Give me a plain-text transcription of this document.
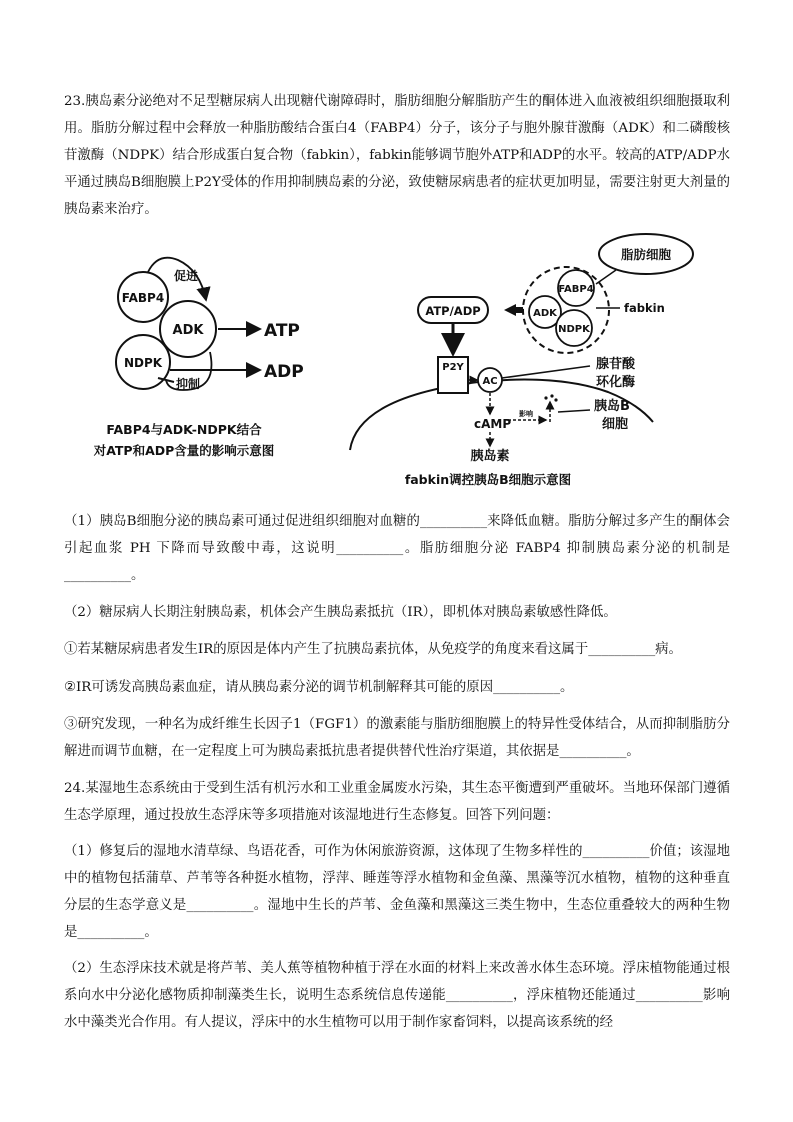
23.胰岛素分泌绝对不足型糖尿病人出现糖代谢障碍时，脂肪细胞分解脂肪产生的酮体进入血液被组织细胞摄取利用。脂肪分解过程中会释放一种脂肪酸结合蛋白4（FABP4）分子，该分子与胞外腺苷激酶（ADK）和二磷酸核苷激酶（NDPK）结合形成蛋白复合物（fabkin），fabkin能够调节胞外ATP和ADP的水平。较高的ATP/ADP水平通过胰岛B细胞膜上P2Y受体的作用抑制胰岛素的分泌，致使糖尿病患者的症状更加明显，需要注射更大剂量的胰岛素来治疗。

FABP4
ADK
NDPK
促进
ATP
ADP
抑制
FABP4与ADK-NDPK结合
对ATP和ADP含量的影响示意图
脂肪细胞
FABP4
ADK
NDPK
fabkin
ATP/ADP
P2Y
AC
腺苷酸
环化酶
cAMP
影响	胰岛B
细胞
胰岛素
fabkin调控胰岛B细胞示意图

（1）胰岛B细胞分泌的胰岛素可通过促进组织细胞对血糖的__________来降低血糖。脂肪分解过多产生的酮体会引起血浆 PH 下降而导致酸中毒，这说明__________。脂肪细胞分泌 FABP4 抑制胰岛素分泌的机制是__________。

（2）糖尿病人长期注射胰岛素，机体会产生胰岛素抵抗（IR），即机体对胰岛素敏感性降低。

①若某糖尿病患者发生IR的原因是体内产生了抗胰岛素抗体，从免疫学的角度来看这属于__________病。

②IR可诱发高胰岛素血症，请从胰岛素分泌的调节机制解释其可能的原因__________。

③研究发现，一种名为成纤维生长因子1（FGF1）的激素能与脂肪细胞膜上的特异性受体结合，从而抑制脂肪分解进而调节血糖，在一定程度上可为胰岛素抵抗患者提供替代性治疗渠道，其依据是__________。

24.某湿地生态系统由于受到生活有机污水和工业重金属废水污染，其生态平衡遭到严重破坏。当地环保部门遵循生态学原理，通过投放生态浮床等多项措施对该湿地进行生态修复。回答下列问题：

（1）修复后的湿地水清草绿、鸟语花香，可作为休闲旅游资源，这体现了生物多样性的__________价值；该湿地中的植物包括蒲草、芦苇等各种挺水植物，浮萍、睡莲等浮水植物和金鱼藻、黑藻等沉水植物，植物的这种垂直分层的生态学意义是__________。湿地中生长的芦苇、金鱼藻和黑藻这三类生物中，生态位重叠较大的两种生物是__________。

（2）生态浮床技术就是将芦苇、美人蕉等植物种植于浮在水面的材料上来改善水体生态环境。浮床植物能通过根系向水中分泌化感物质抑制藻类生长，说明生态系统信息传递能__________，浮床植物还能通过__________影响水中藻类光合作用。有人提议，浮床中的水生植物可以用于制作家畜饲料，以提高该系统的经
